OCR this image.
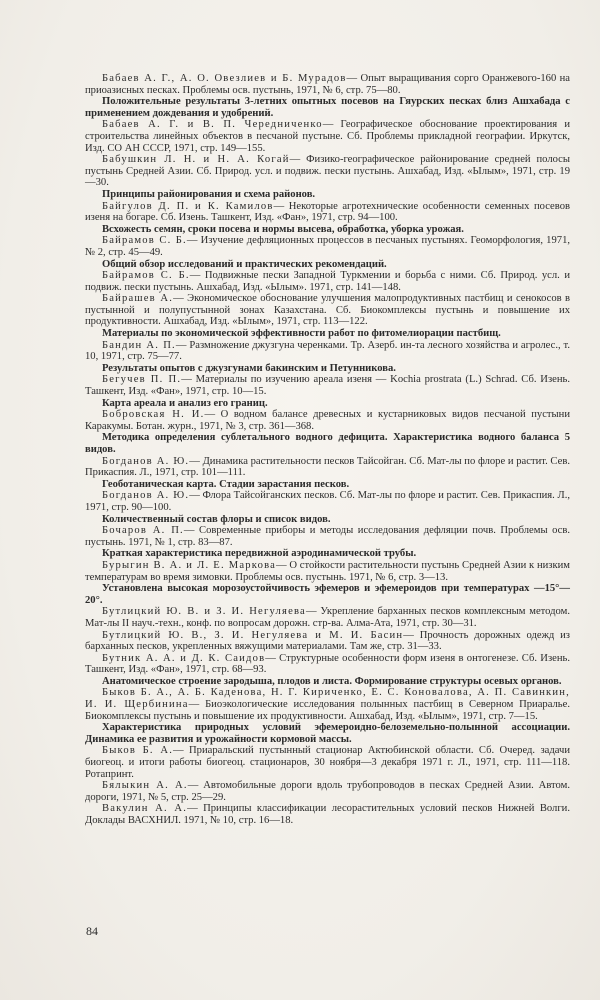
Бабаев А. Г., А. О. Овезлиев и Б. Мурадов— Опыт выращивания сорго Оранжевого-160 на приоазисных песках. Проблемы осв. пустынь, 1971, № 6, стр. 75—80.

Положительные результаты 3-летних опытных посевов на Гяурских песках близ Ашхабада с применением дождевания и удобрений.

Бабаев А. Г. и В. П. Чередниченко— Географическое обоснование проектирования и строительства линейных объектов в песчаной пустыне. Сб. Проблемы прикладной географии. Иркутск, Изд. СО АН СССР, 1971, стр. 149—155.

Бабушкин Л. Н. и Н. А. Когай— Физико-географическое районирование средней полосы пустынь Средней Азии. Сб. Природ. усл. и подвиж. пески пустынь. Ашхабад, Изд. «Ылым», 1971, стр. 19—30.

Принципы районирования и схема районов.

Байгулов Д. П. и К. Камилов— Некоторые агротехнические особенности семенных посевов изеня на богаре. Сб. Изень. Ташкент, Изд. «Фан», 1971, стр. 94—100.

Всхожесть семян, сроки посева и нормы высева, обработка, уборка урожая.

Байрамов С. Б.— Изучение дефляционных процессов в песчаных пустынях. Геоморфология, 1971, № 2, стр. 45—49.

Общий обзор исследований и практических рекомендаций.

Байрамов С. Б.— Подвижные пески Западной Туркмении и борьба с ними. Сб. Природ. усл. и подвиж. пески пустынь. Ашхабад, Изд. «Ылым». 1971, стр. 141—148.

Байрашев А.— Экономическое обоснование улучшения малопродуктивных пастбищ и сенокосов в пустынной и полупустынной зонах Казахстана. Сб. Биокомплексы пустынь и повышение их продуктивности. Ашхабад, Изд. «Ылым», 1971, стр. 113—122.

Материалы по экономической эффективности работ по фитомелиорации пастбищ.

Бандин А. П.— Размножение джузгуна черенками. Тр. Азерб. ин-та лесного хозяйства и агролес., т. 10, 1971, стр. 75—77.

Результаты опытов с джузгунами бакинским и Петунникова.

Бегучев П. П.— Материалы по изучению ареала изеня — Kochia prostrata (L.) Schrad. Сб. Изень. Ташкент, Изд. «Фан», 1971, стр. 10—15.

Карта ареала и анализ его границ.

Бобровская Н. И.— О водном балансе древесных и кустарниковых видов песчаной пустыни Каракумы. Ботан. журн., 1971, № 3, стр. 361—368.

Методика определения сублетального водного дефицита. Характеристика водного баланса 5 видов.

Богданов А. Ю.— Динамика растительности песков Тайсойган. Сб. Мат-лы по флоре и растит. Сев. Прикаспия. Л., 1971, стр. 101—111.

Геоботаническая карта. Стадии зарастания песков.

Богданов А. Ю.— Флора Тайсойганских песков. Сб. Мат-лы по флоре и растит. Сев. Прикаспия. Л., 1971, стр. 90—100.

Количественный состав флоры и список видов.

Бочаров А. П.— Современные приборы и методы исследования дефляции почв. Проблемы осв. пустынь. 1971, № 1, стр. 83—87.

Краткая характеристика передвижной аэродинамической трубы.

Бурыгин В. А. и Л. Е. Маркова— О стойкости растительности пустынь Средней Азии к низким температурам во время зимовки. Проблемы осв. пустынь. 1971, № 6, стр. 3—13.

Установлена высокая морозоустойчивость эфемеров и эфемероидов при температурах —15°—20°.

Бутлицкий Ю. В. и З. И. Негуляева— Укрепление барханных песков комплексным методом. Мат-лы II науч.-техн., конф. по вопросам дорожн. стр-ва. Алма-Ата, 1971, стр. 30—31.

Бутлицкий Ю. В., З. И. Негуляева и М. И. Басин— Прочность дорожных одежд из барханных песков, укрепленных вяжущими материалами. Там же, стр. 31—33.

Бутник А. А. и Д. К. Саидов— Структурные особенности форм изеня в онтогенезе. Сб. Изень. Ташкент, Изд. «Фан», 1971, стр. 68—93.

Анатомическое строение зародыша, плодов и листа. Формирование структуры осевых органов.

Быков Б. А., А. Б. Каденова, Н. Г. Кириченко, Е. С. Коновалова, А. П. Савинкин, И. И. Щербинина— Биоэкологические исследования полынных пастбищ в Северном Приаралье. Биокомплексы пустынь и повышение их продуктивности. Ашхабад, Изд. «Ылым», 1971, стр. 7—15.

Характеристика природных условий эфемероидно-белоземельно-полынной ассоциации. Динамика ее развития и урожайности кормовой массы.

Быков Б. А.— Приаральский пустынный стационар Актюбинской области. Сб. Очеред. задачи биогеоц. и итоги работы биогеоц. стационаров, 30 ноября—3 декабря 1971 г. Л., 1971, стр. 111—118. Ротапринт.

Бялыкин А. А.— Автомобильные дороги вдоль трубопроводов в песках Средней Азии. Автом. дороги, 1971, № 5, стр. 25—29.

Вакулин А. А.— Принципы классификации лесорастительных условий песков Нижней Волги. Доклады ВАСХНИЛ. 1971, № 10, стр. 16—18.

84
